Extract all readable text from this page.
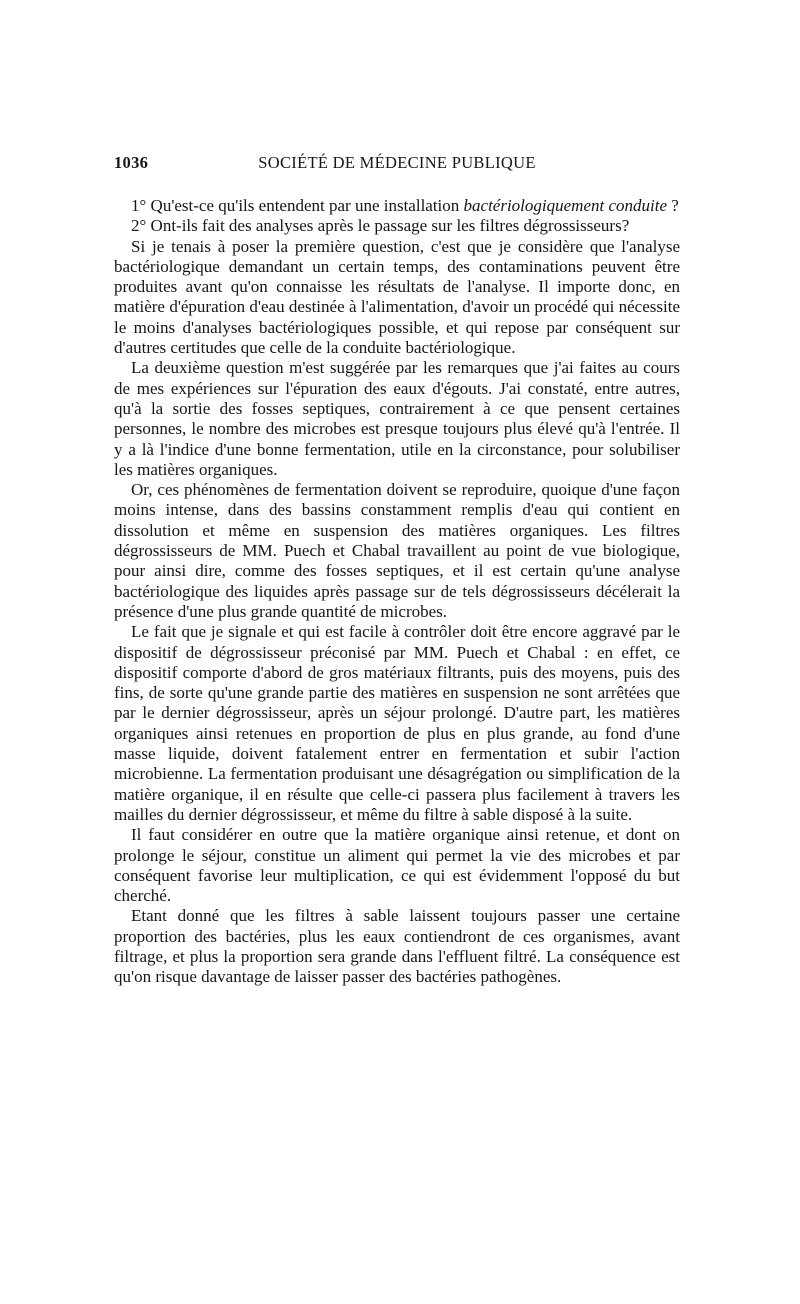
1036	SOCIÉTÉ DE MÉDECINE PUBLIQUE

1° Qu'est-ce qu'ils entendent par une installation bactériologiquement conduite ?

2° Ont-ils fait des analyses après le passage sur les filtres dégrossisseurs?

Si je tenais à poser la première question, c'est que je considère que l'analyse bactériologique demandant un certain temps, des contaminations peuvent être produites avant qu'on connaisse les résultats de l'analyse. Il importe donc, en matière d'épuration d'eau destinée à l'alimentation, d'avoir un procédé qui nécessite le moins d'analyses bactériologiques possible, et qui repose par conséquent sur d'autres certitudes que celle de la conduite bactériologique.

La deuxième question m'est suggérée par les remarques que j'ai faites au cours de mes expériences sur l'épuration des eaux d'égouts. J'ai constaté, entre autres, qu'à la sortie des fosses septiques, contrairement à ce que pensent certaines personnes, le nombre des microbes est presque toujours plus élevé qu'à l'entrée. Il y a là l'indice d'une bonne fermentation, utile en la circonstance, pour solubiliser les matières organiques.

Or, ces phénomènes de fermentation doivent se reproduire, quoique d'une façon moins intense, dans des bassins constamment remplis d'eau qui contient en dissolution et même en suspension des matières organiques. Les filtres dégrossisseurs de MM. Puech et Chabal travaillent au point de vue biologique, pour ainsi dire, comme des fosses septiques, et il est certain qu'une analyse bactériologique des liquides après passage sur de tels dégrossisseurs décélerait la présence d'une plus grande quantité de microbes.

Le fait que je signale et qui est facile à contrôler doit être encore aggravé par le dispositif de dégrossisseur préconisé par MM. Puech et Chabal : en effet, ce dispositif comporte d'abord de gros matériaux filtrants, puis des moyens, puis des fins, de sorte qu'une grande partie des matières en suspension ne sont arrêtées que par le dernier dégrossisseur, après un séjour prolongé. D'autre part, les matières organiques ainsi retenues en proportion de plus en plus grande, au fond d'une masse liquide, doivent fatalement entrer en fermentation et subir l'action microbienne. La fermentation produisant une désagrégation ou simplification de la matière organique, il en résulte que celle-ci passera plus facilement à travers les mailles du dernier dégrossisseur, et même du filtre à sable disposé à la suite.

Il faut considérer en outre que la matière organique ainsi retenue, et dont on prolonge le séjour, constitue un aliment qui permet la vie des microbes et par conséquent favorise leur multiplication, ce qui est évidemment l'opposé du but cherché.

Etant donné que les filtres à sable laissent toujours passer une certaine proportion des bactéries, plus les eaux contiendront de ces organismes, avant filtrage, et plus la proportion sera grande dans l'effluent filtré. La conséquence est qu'on risque davantage de laisser passer des bactéries pathogènes.
